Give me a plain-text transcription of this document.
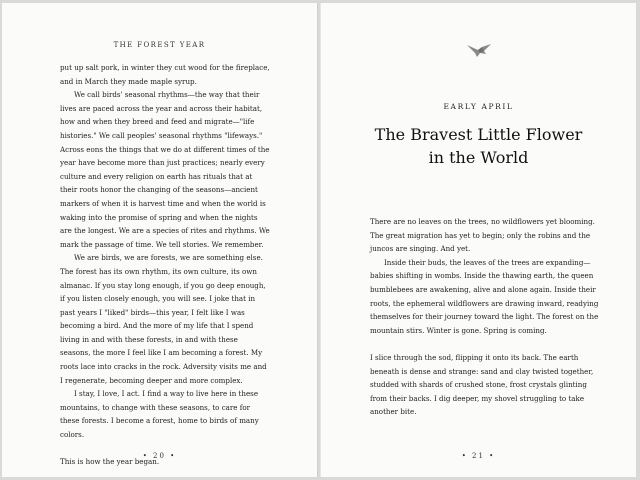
THE FOREST YEAR

put up salt pork, in winter they cut wood for the fireplace, and in March they made maple syrup.

We call birds' seasonal rhythms—the way that their lives are paced across the year and across their habitat, how and when they breed and feed and migrate—"life histories." We call peoples' seasonal rhythms "lifeways." Across eons the things that we do at different times of the year have become more than just practices; nearly every culture and every religion on earth has rituals that at their roots honor the changing of the seasons—ancient markers of when it is harvest time and when the world is waking into the promise of spring and when the nights are the longest. We are a species of rites and rhythms. We mark the passage of time. We tell stories. We remember.

We are birds, we are forests, we are something else. The forest has its own rhythm, its own culture, its own almanac. If you stay long enough, if you go deep enough, if you listen closely enough, you will see. I joke that in past years I "liked" birds—this year, I felt like I was becoming a bird. And the more of my life that I spend living in and with these forests, in and with these seasons, the more I feel like I am becoming a forest. My roots lace into cracks in the rock. Adversity visits me and I regenerate, becoming deeper and more complex.

I stay, I love, I act. I find a way to live here in these mountains, to change with these seasons, to care for these forests. I become a forest, home to birds of many colors.

This is how the year began.

• 20 •
EARLY APRIL
The Bravest Little Flower
in the World

There are no leaves on the trees, no wildflowers yet blooming. The great migration has yet to begin; only the robins and the juncos are singing. And yet.

Inside their buds, the leaves of the trees are expanding—babies shifting in wombs. Inside the thawing earth, the queen bumblebees are awakening, alive and alone again. Inside their roots, the ephemeral wildflowers are drawing inward, readying themselves for their journey toward the light. The forest on the mountain stirs. Winter is gone. Spring is coming.

I slice through the sod, flipping it onto its back. The earth beneath is dense and strange: sand and clay twisted together, studded with shards of crushed stone, frost crystals glinting from their backs. I dig deeper, my shovel struggling to take another bite.

• 21 •
